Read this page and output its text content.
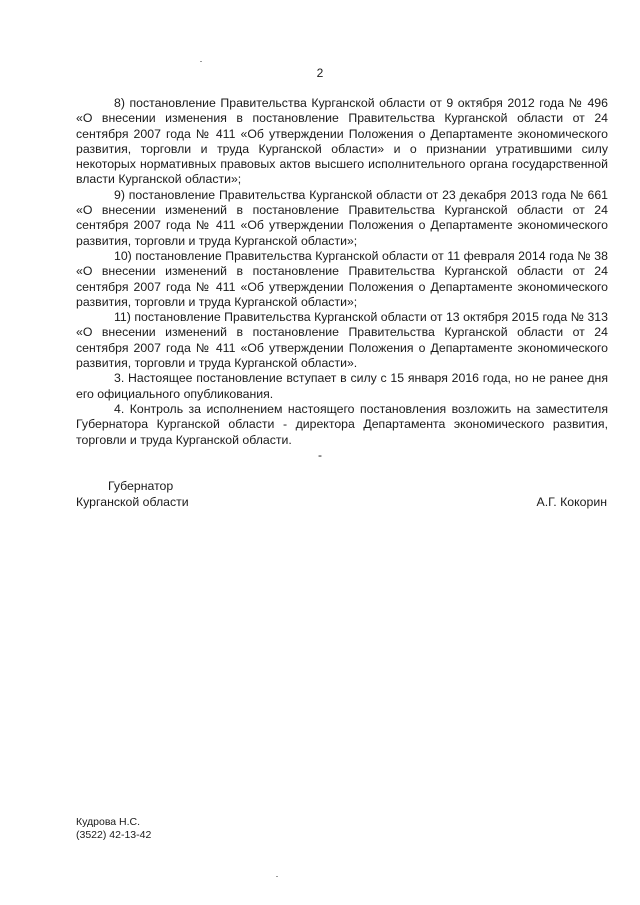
2

8) постановление Правительства Курганской области от 9 октября 2012 года № 496 «О внесении изменения в постановление Правительства Курганской области от 24 сентября 2007 года № 411 «Об утверждении Положения о Департаменте экономического развития, торговли и труда Курганской области» и о признании утратившими силу некоторых нормативных правовых актов высшего исполнительного органа государственной власти Курганской области»;

9) постановление Правительства Курганской области от 23 декабря 2013 года № 661 «О внесении изменений в постановление Правительства Курганской области от 24 сентября 2007 года № 411 «Об утверждении Положения о Департаменте экономического развития, торговли и труда Курганской области»;

10) постановление Правительства Курганской области от 11 февраля 2014 года № 38 «О внесении изменений в постановление Правительства Курганской области от 24 сентября 2007 года № 411 «Об утверждении Положения о Департаменте экономического развития, торговли и труда Курганской области»;

11) постановление Правительства Курганской области от 13 октября 2015 года № 313 «О внесении изменений в постановление Правительства Курганской области от 24 сентября 2007 года № 411 «Об утверждении Положения о Департаменте экономического развития, торговли и труда Курганской области».

3. Настоящее постановление вступает в силу с 15 января 2016 года, но не ранее дня его официального опубликования.

4. Контроль за исполнением настоящего постановления возложить на заместителя Губернатора Курганской области - директора Департамента экономического развития, торговли и труда Курганской области.

-
Губернатор
Курганской области	А.Г. Кокорин
Кудрова Н.С.
(3522) 42-13-42
